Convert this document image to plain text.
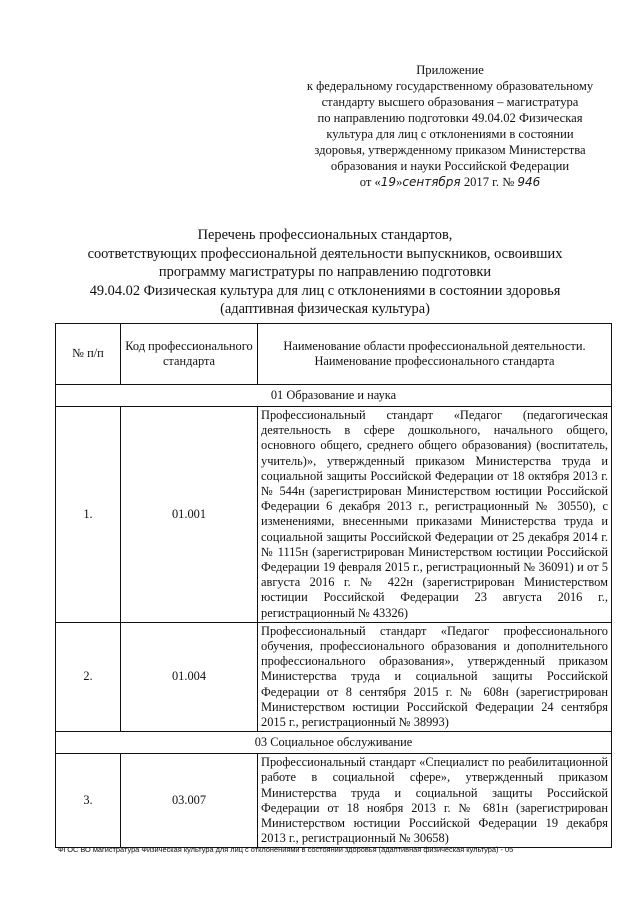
Приложение
к федеральному государственному образовательному
стандарту высшего образования – магистратура
по направлению подготовки 49.04.02 Физическая
культура для лиц с отклонениями в состоянии
здоровья, утвержденному приказом Министерства
образования и науки Российской Федерации
от «19»сентября 2017 г. № 946
Перечень профессиональных стандартов,
соответствующих профессиональной деятельности выпускников, освоивших
программу магистратуры по направлению подготовки
49.04.02 Физическая культура для лиц с отклонениями в состоянии здоровья
(адаптивная физическая культура)
№ п/п	Код профессионального стандарта	Наименование области профессиональной деятельности.
Наименование профессионального стандарта

01 Образование и наука		
1.	01.001	Профессиональный стандарт «Педагог (педагогическая деятельность в сфере дошкольного, начального общего, основного общего, среднего общего образования) (воспитатель, учитель)», утвержденный приказом Министерства труда и социальной защиты Российской Федерации от 18 октября 2013 г. № 544н (зарегистрирован Министерством юстиции Российской Федерации 6 декабря 2013 г., регистрационный № 30550), с изменениями, внесенными приказами Министерства труда и социальной защиты Российской Федерации от 25 декабря 2014 г. № 1115н (зарегистрирован Министерством юстиции Российской Федерации 19 февраля 2015 г., регистрационный № 36091) и от 5 августа 2016 г. № 422н (зарегистрирован Министерством юстиции Российской Федерации 23 августа 2016 г., регистрационный № 43326)
2.	01.004	Профессиональный стандарт «Педагог профессионального обучения, профессионального образования и дополнительного профессионального образования», утвержденный приказом Министерства труда и социальной защиты Российской Федерации от 8 сентября 2015 г. № 608н (зарегистрирован Министерством юстиции Российской Федерации 24 сентября 2015 г., регистрационный № 38993)
03 Социальное обслуживание		
3.	03.007	Профессиональный стандарт «Специалист по реабилитационной работе в социальной сфере», утвержденный приказом Министерства труда и социальной защиты Российской Федерации от 18 ноября 2013 г. № 681н (зарегистрирован Министерством юстиции Российской Федерации 19 декабря 2013 г., регистрационный № 30658)
ФГОС ВО магистратура Физическая культура для лиц с отклонениями в состоянии здоровья (адаптивная физическая культура) - 05
